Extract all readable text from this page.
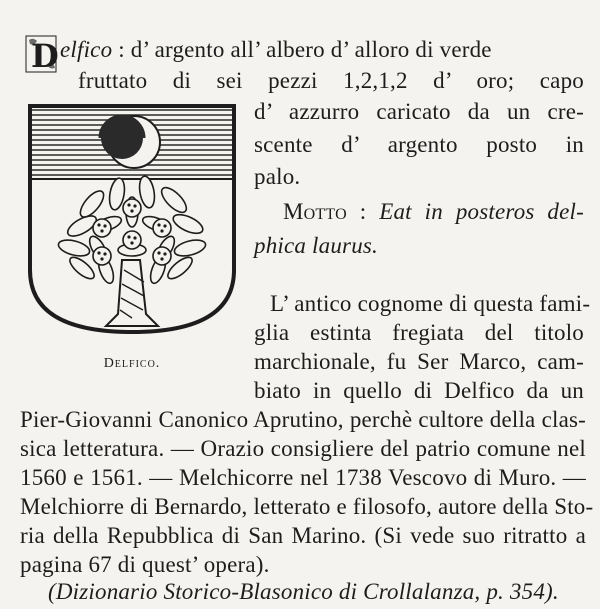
D elfico : d’ argento all’ albero d’ alloro di verde
fruttato di sei pezzi 1,2,1,2 d’ oro; capo
d’ azzurro caricato da un cre-
scente d’ argento posto in
palo.
Motto : Eat in posteros del-
phica laurus.
Delfico.
L’ antico cognome di questa fami-
glia estinta fregiata del titolo
marchionale, fu Ser Marco, cam-
biato in quello di Delfico da un
Pier-Giovanni Canonico Aprutino, perchè cultore della clas-
sica letteratura. — Orazio consigliere del patrio comune nel
1560 e 1561. — Melchicorre nel 1738 Vescovo di Muro. —
Melchiorre di Bernardo, letterato e filosofo, autore della Sto-
ria della Repubblica di San Marino. (Si vede suo ritratto a
pagina 67 di quest’ opera).
(Dizionario Storico-Blasonico di Crollalanza, p. 354).
